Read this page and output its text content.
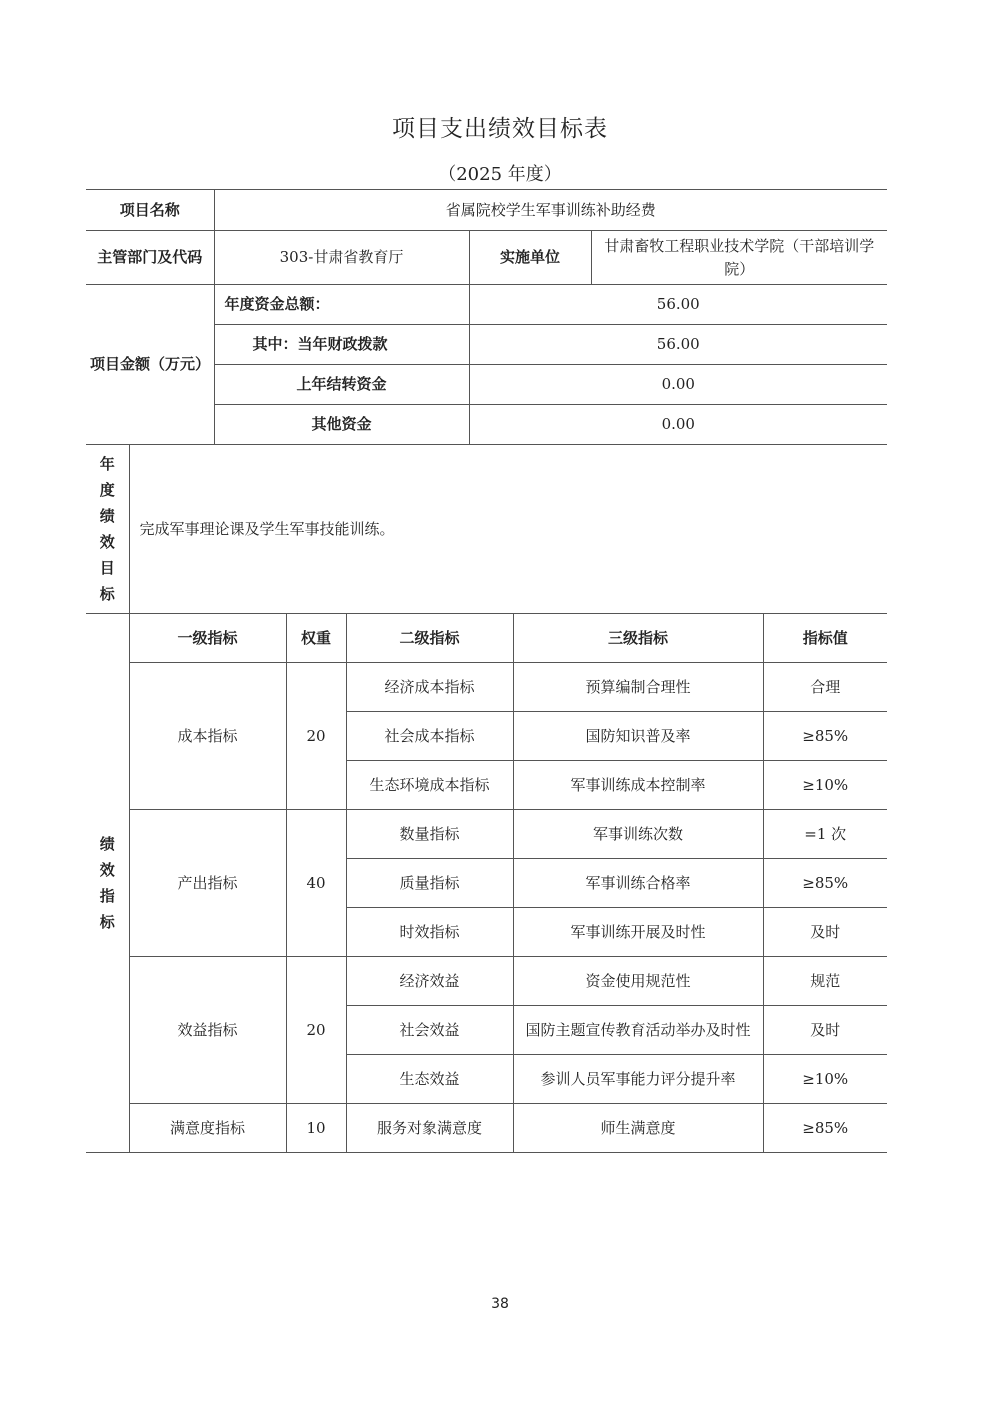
项目支出绩效目标表
（2025 年度）
项目名称	省属院校学生军事训练补助经费		
主管部门及代码	303-甘肃省教育厅	实施单位	甘肃畜牧工程职业技术学院（干部培训学院）
项目金额（万元）	年度资金总额：	56.00	
	其中：当年财政拨款	56.00	
	上年结转资金	0.00	
	其他资金	0.00	
年
度
绩
效
目
标
	完成军事理论课及学生军事技能训练。

绩
效
指
标	一级指标	权重	二级指标	三级指标	指标值
	成本指标	20	经济成本指标	预算编制合理性	合理
			社会成本指标	国防知识普及率	≥85%
			生态环境成本指标	军事训练成本控制率	≥10%
	产出指标	40	数量指标	军事训练次数	=1 次
			质量指标	军事训练合格率	≥85%
			时效指标	军事训练开展及时性	及时
	效益指标	20	经济效益	资金使用规范性	规范
			社会效益	国防主题宣传教育活动举办及时性	及时
			生态效益	参训人员军事能力评分提升率	≥10%
	满意度指标	10	服务对象满意度	师生满意度	≥85%
38
